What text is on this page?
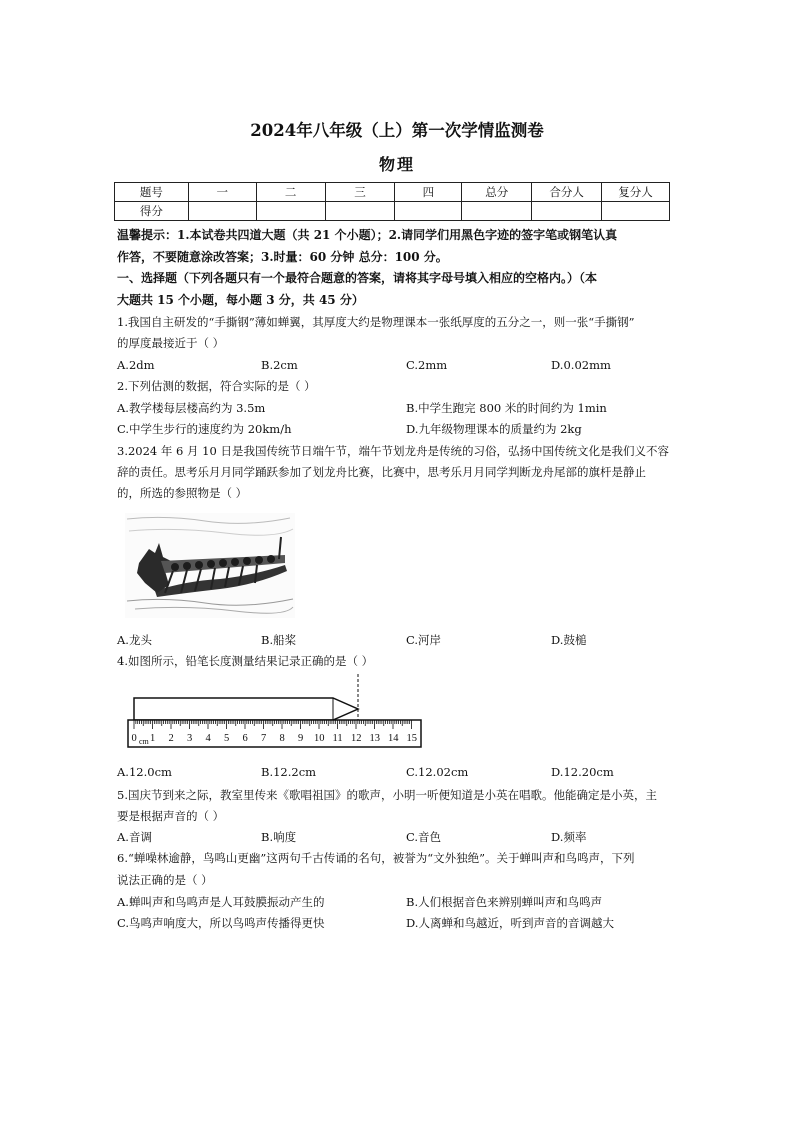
2024年八年级（上）第一次学情监测卷
物理
题号	一	二	三	四	总分	合分人	复分人
得分							
温馨提示：1.本试卷共四道大题（共 21 个小题）；2.请同学们用黑色字迹的签字笔或钢笔认真
作答，不要随意涂改答案；3.时量：60 分钟 总分：100 分。
一、选择题（下列各题只有一个最符合题意的答案，请将其字母号填入相应的空格内。）（本
大题共 15 个小题，每小题 3 分，共 45 分）
1.我国自主研发的“手撕钢”薄如蝉翼，其厚度大约是物理课本一张纸厚度的五分之一，则一张“手撕钢”
的厚度最接近于（ ）
A.2dm	B.2cm	C.2mm	D.0.02mm
2.下列估测的数据，符合实际的是（ ）
A.教学楼每层楼高约为 3.5m	B.中学生跑完 800 米的时间约为 1min
C.中学生步行的速度约为 20km/h	D.九年级物理课本的质量约为 2kg
3.2024 年 6 月 10 日是我国传统节日端午节，端午节划龙舟是传统的习俗，弘扬中国传统文化是我们义不容
辞的责任。思考乐月月同学踊跃参加了划龙舟比赛，比赛中，思考乐月月同学判断龙舟尾部的旗杆是静止
的，所选的参照物是（ ）
A.龙头	B.船桨	C.河岸	D.鼓槌
4.如图所示，铅笔长度测量结果记录正确的是（ ）
0 1 2 3 4 5 6 7 8 9 10 11 12 13 14 15
cm
A.12.0cm	B.12.2cm	C.12.02cm	D.12.20cm
5.国庆节到来之际，教室里传来《歌唱祖国》的歌声，小明一听便知道是小英在唱歌。他能确定是小英，主
要是根据声音的（ ）
A.音调	B.响度	C.音色	D.频率
6.“蝉噪林逾静，鸟鸣山更幽”这两句千古传诵的名句，被誉为“文外独绝”。关于蝉叫声和鸟鸣声，下列
说法正确的是（ ）
A.蝉叫声和鸟鸣声是人耳鼓膜振动产生的	B.人们根据音色来辨别蝉叫声和鸟鸣声
C.鸟鸣声响度大，所以鸟鸣声传播得更快	D.人离蝉和鸟越近，听到声音的音调越大
